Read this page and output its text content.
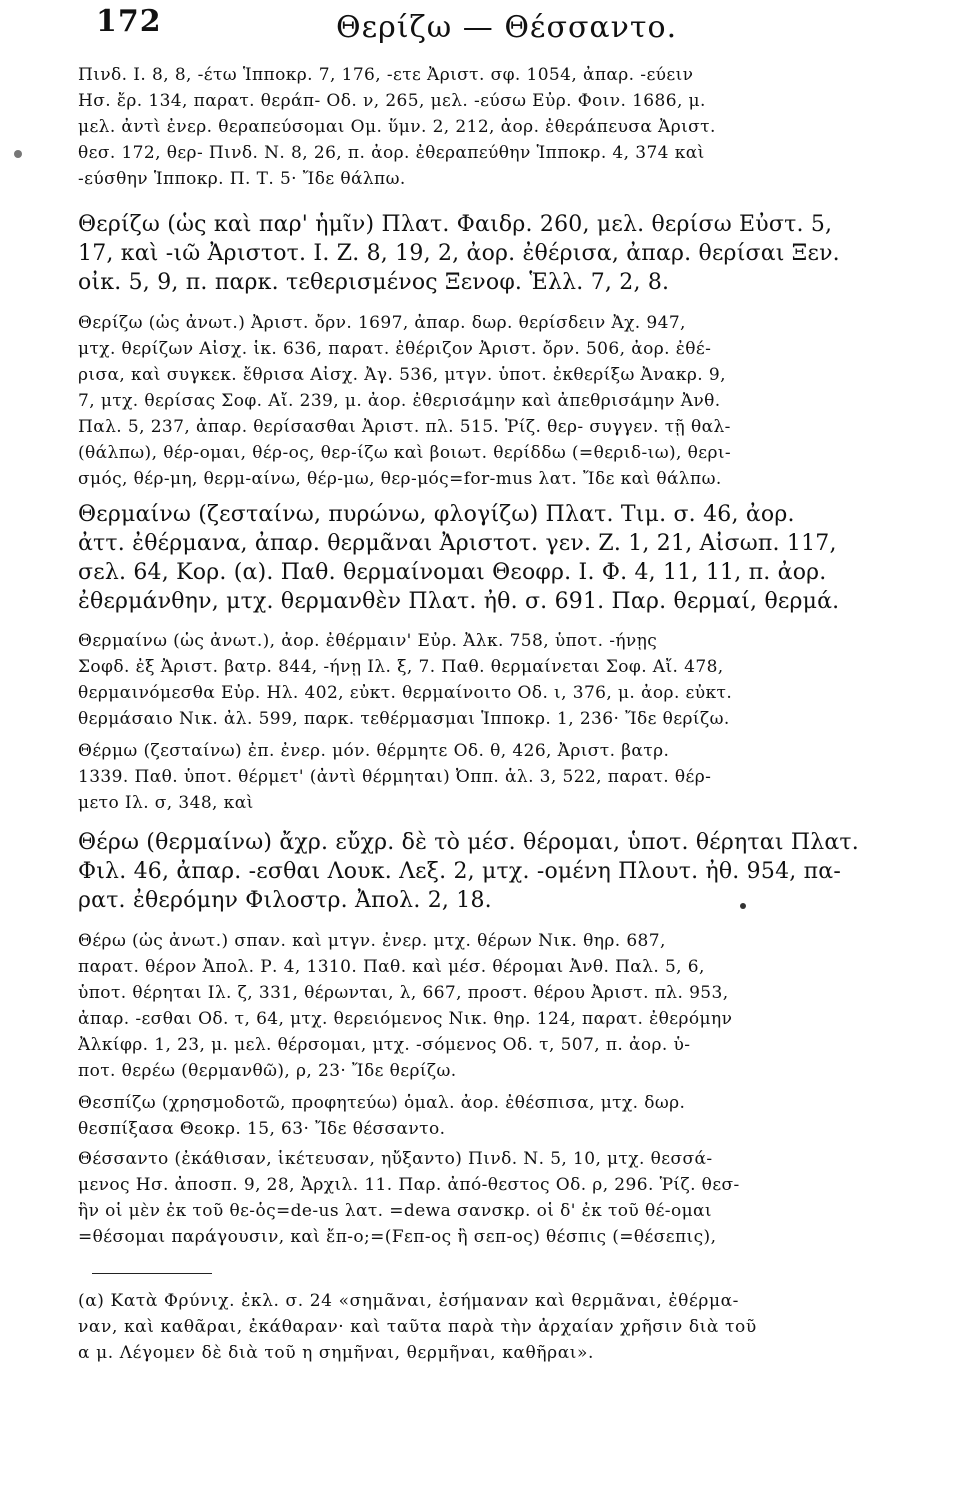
172	Θερίζω — Θέσσαντο.
Πινδ. Ι. 8, 8, -έτω Ἱπποκρ. 7, 176, -ετε Ἀριστ. σφ. 1054, ἀπαρ. -εύειν
Ησ. ἔρ. 134, παρατ. θεράπ- Οδ. ν, 265, μελ. -εύσω Εὐρ. Φοιν. 1686, μ.
μελ. ἀντὶ ἐνερ. θεραπεύσομαι Ομ. ὕμν. 2, 212, ἀορ. ἐθεράπευσα Ἀριστ.
θεσ. 172, θερ- Πινδ. Ν. 8, 26, π. ἀορ. ἐθεραπεύθην Ἱπποκρ. 4, 374 καὶ
-εύσθην Ἱπποκρ. Π. Τ. 5· Ἴδε θάλπω.
Θερίζω (ὡς καὶ παρ' ἡμῖν) Πλατ. Φαιδρ. 260, μελ. θερίσω Εὐστ. 5,
17, καὶ -ιῶ Ἀριστοτ. Ι. Ζ. 8, 19, 2, ἀορ. ἐθέρισα, ἀπαρ. θερίσαι Ξεν.
οἰκ. 5, 9, π. παρκ. τεθερισμένος Ξενοφ. Ἑλλ. 7, 2, 8.
Θερίζω (ὡς ἀνωτ.) Ἀριστ. ὄρν. 1697, ἀπαρ. δωρ. θερίσδειν Ἀχ. 947,
μτχ. θερίζων Αἰσχ. ἱκ. 636, παρατ. ἐθέριζον Ἀριστ. ὄρν. 506, ἀορ. ἐθέ-
ρισα, καὶ συγκεκ. ἔθρισα Αἰσχ. Ἀγ. 536, μτγν. ὑποτ. ἐκθερίξω Ἀνακρ. 9,
7, μτχ. θερίσας Σοφ. Αἴ. 239, μ. ἀορ. ἐθερισάμην καὶ ἀπεθρισάμην Ἀνθ.
Παλ. 5, 237, ἀπαρ. θερίσασθαι Ἀριστ. πλ. 515. Ῥίζ. θερ- συγγεν. τῇ θαλ-
(θάλπω), θέρ-ομαι, θέρ-ος, θερ-ίζω καὶ βοιωτ. θερίδδω (=θεριδ-ιω), θερι-
σμός, θέρ-μη, θερμ-αίνω, θέρ-μω, θερ-μός=for-mus λατ. Ἴδε καὶ θάλπω.
Θερμαίνω (ζεσταίνω, πυρώνω, φλογίζω) Πλατ. Τιμ. σ. 46, ἀορ.
ἀττ. ἐθέρμανα, ἀπαρ. θερμᾶναι Ἀριστοτ. γεν. Ζ. 1, 21, Αἰσωπ. 117,
σελ. 64, Κορ. (α). Παθ. θερμαίνομαι Θεοφρ. Ι. Φ. 4, 11, 11, π. ἀορ.
ἐθερμάνθην, μτχ. θερμανθὲν Πλατ. ἠθ. σ. 691. Παρ. θερμαί, θερμά.
Θερμαίνω (ὡς ἀνωτ.), ἀορ. ἐθέρμαιν' Εὐρ. Ἀλκ. 758, ὑποτ. -ήνῃς
Σοφδ. ἐξ Ἀριστ. βατρ. 844, -ήνῃ Ιλ. ξ, 7. Παθ. θερμαίνεται Σοφ. Αἴ. 478,
θερμαινόμεσθα Εὐρ. Ηλ. 402, εὐκτ. θερμαίνοιτο Οδ. ι, 376, μ. ἀορ. εὐκτ.
θερμάσαιο Νικ. ἀλ. 599, παρκ. τεθέρμασμαι Ἱπποκρ. 1, 236· Ἴδε θερίζω.
Θέρμω (ζεσταίνω) ἐπ. ἐνερ. μόν. θέρμητε Οδ. θ, 426, Ἀριστ. βατρ.
1339. Παθ. ὑποτ. θέρμετ' (ἀντὶ θέρμηται) Ὀππ. ἁλ. 3, 522, παρατ. θέρ-
μετο Ιλ. σ, 348, καὶ
Θέρω (θερμαίνω) ἄχρ. εὔχρ. δὲ τὸ μέσ. θέρομαι, ὑποτ. θέρηται Πλατ.
Φιλ. 46, ἀπαρ. -εσθαι Λουκ. Λεξ. 2, μτχ. -ομένη Πλουτ. ἠθ. 954, πα-
ρατ. ἐθερόμην Φιλοστρ. Ἀπολ. 2, 18.
Θέρω (ὡς ἀνωτ.) σπαν. καὶ μτγν. ἐνερ. μτχ. θέρων Νικ. θηρ. 687,
παρατ. θέρον Ἀπολ. Ρ. 4, 1310. Παθ. καὶ μέσ. θέρομαι Ἀνθ. Παλ. 5, 6,
ὑποτ. θέρηται Ιλ. ζ, 331, θέρωνται, λ, 667, προστ. θέρου Ἀριστ. πλ. 953,
ἀπαρ. -εσθαι Οδ. τ, 64, μτχ. θερειόμενος Νικ. θηρ. 124, παρατ. ἐθερόμην
Ἀλκίφρ. 1, 23, μ. μελ. θέρσομαι, μτχ. -σόμενος Οδ. τ, 507, π. ἀορ. ὑ-
ποτ. θερέω (θερμανθῶ), ρ, 23· Ἴδε θερίζω.
Θεσπίζω (χρησμοδοτῶ, προφητεύω) ὁμαλ. ἀορ. ἐθέσπισα, μτχ. δωρ.
θεσπίξασα Θεοκρ. 15, 63· Ἴδε θέσσαντο.
Θέσσαντο (ἐκάθισαν, ἱκέτευσαν, ηὔξαντο) Πινδ. Ν. 5, 10, μτχ. θεσσά-
μενος Ησ. ἀποσπ. 9, 28, Ἀρχιλ. 11. Παρ. ἀπό-θεστος Οδ. ρ, 296. Ῥίζ. θεσ-
ἣν οἱ μὲν ἐκ τοῦ θε-ὁς=de-us λατ. =dewa σανσκρ. οἱ δ' ἐκ τοῦ θέ-ομαι
=θέσομαι παράγουσιν, καὶ ἔπ-ο;=(Fεπ-ος ἢ σεπ-ος) θέσπις (=θέσεπις),
(α) Κατὰ Φρύνιχ. ἐκλ. σ. 24 «σημᾶναι, ἐσήμαναν καὶ θερμᾶναι, ἐθέρμα-
ναν, καὶ καθᾶραι, ἐκάθαραν· καὶ ταῦτα παρὰ τὴν ἀρχαίαν χρῆσιν διὰ τοῦ
α μ. Λέγομεν δὲ διὰ τοῦ η σημῆναι, θερμῆναι, καθῆραι».
